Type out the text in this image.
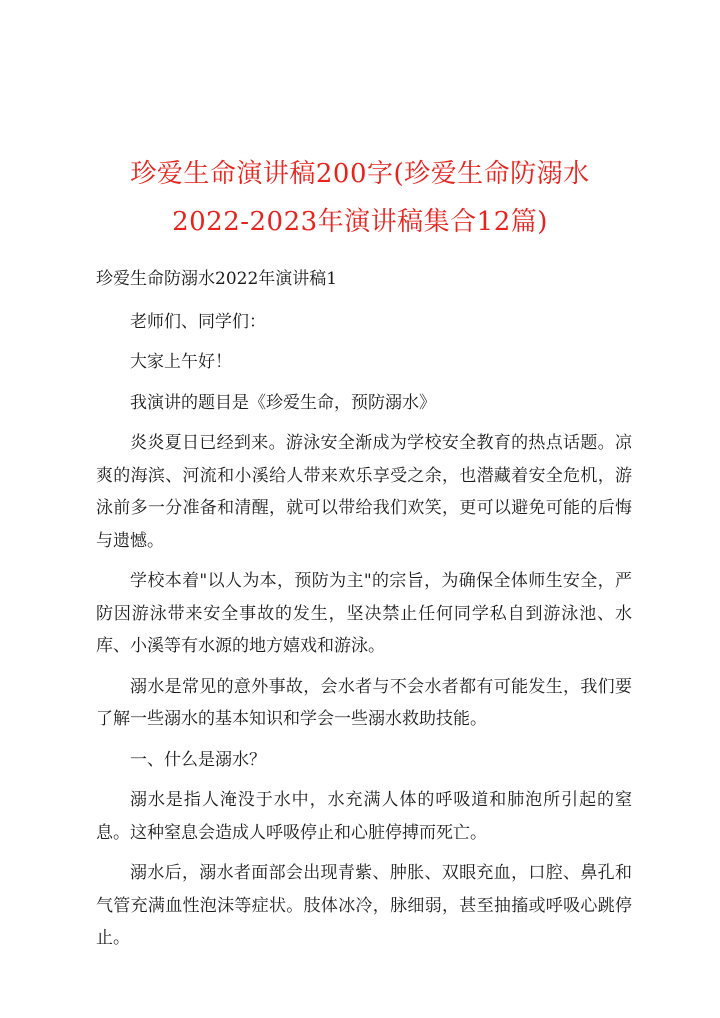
珍爱生命演讲稿200字(珍爱生命防溺水
2022-2023年演讲稿集合12篇)

珍爱生命防溺水2022年演讲稿1

老师们、同学们：

大家上午好！

我演讲的题目是《珍爱生命，预防溺水》

炎炎夏日已经到来。游泳安全渐成为学校安全教育的热点话题。凉爽的海滨、河流和小溪给人带来欢乐享受之余，也潜藏着安全危机，游泳前多一分准备和清醒，就可以带给我们欢笑，更可以避免可能的后悔与遗憾。

学校本着"以人为本，预防为主"的宗旨，为确保全体师生安全，严防因游泳带来安全事故的发生，坚决禁止任何同学私自到游泳池、水库、小溪等有水源的地方嬉戏和游泳。

溺水是常见的意外事故，会水者与不会水者都有可能发生，我们要了解一些溺水的基本知识和学会一些溺水救助技能。

一、什么是溺水？

溺水是指人淹没于水中，水充满人体的呼吸道和肺泡所引起的窒息。这种窒息会造成人呼吸停止和心脏停搏而死亡。

溺水后，溺水者面部会出现青紫、肿胀、双眼充血，口腔、鼻孔和气管充满血性泡沫等症状。肢体冰冷，脉细弱，甚至抽搐或呼吸心跳停止。
